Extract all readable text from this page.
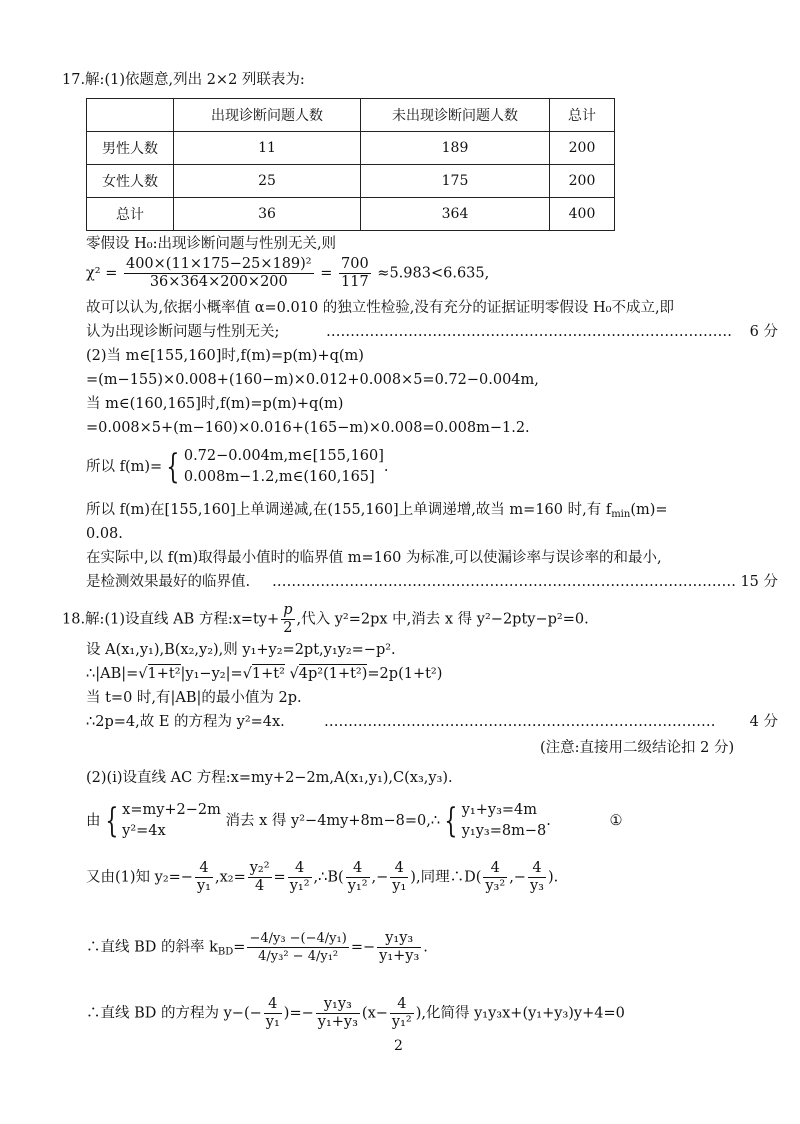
17.解:(1)依题意,列出 2×2 列联表为:
	出现诊断问题人数	未出现诊断问题人数	总计
男性人数	11	189	200
女性人数	25	175	200
总计	36	364	400
零假设 H₀:出现诊断问题与性别无关,则
$\chi^2 = \frac{\text{400×(11×175−25×189)²}}{36\times 364\times 200\times 200} = \frac{700}{117} \approx 5.983<6.635$,
故可以认为,依据小概率值 α=0.010 的独立性检验,没有充分的证据证明零假设 H₀不成立,即
认为出现诊断问题与性别无关;	………………………………………………………………………… 6 分
(2)当 m∈[155,160]时,f(m)=p(m)+q(m)
=(m−155)×0.008+(160−m)×0.012+0.008×5=0.72−0.004m,
当 m∈(160,165]时,f(m)=p(m)+q(m)
=0.008×5+(m−160)×0.016+(165−m)×0.008=0.008m−1.2.
所以 f(m)= { 0.72−0.004m,m∈[155,160]
0.008m−1.2,m∈(160,165]
.
所以 f(m)在[155,160]上单调递减,在(155,160]上单调递增,故当 m=160 时,有 $f_{min}(m)=$
0.08.
在实际中,以 f(m)取得最小值时的临界值 m=160 为标准,可以使漏诊率与误诊率的和最小,
是检测效果最好的临界值. …………………………………………………………………………………… 15 分
18.解:(1)设直线 AB 方程:x=ty+ $\frac{p}{2}$ ,代入 y²=2px 中,消去 x 得 y²−2pty−p²=0.
设 A(x₁,y₁),B(x₂,y₂),则 y₁+y₂=2pt,y₁y₂=−p².
∴|AB|=√1+t²|y₁−y₂|=√1+t² √4p²(1+t²)=2p(1+t²)
当 t=0 时,有|AB|的最小值为 2p.
∴2p=4,故 E 的方程为 y²=4x.	……………………………………………………………………… 4 分
(注意:直接用二级结论扣 2 分)
(2)(ⅰ)设直线 AC 方程:x=my+2−2m,A(x₁,y₁),C(x₃,y₃).
由 { x=my+2−2m
y²=4x
消去 x 得 y²−4my+8m−8=0,∴ { y₁+y₃=4m
y₁y₃=8m−8
.	①
又由(1)知 $y_2=- \frac{4}{\text{y₁}} ,x_2= \frac{\text{y₂²}}{4} = \frac{4}{\text{y₁²}}$ ,∴B( $\frac{4}{\text{y₁²}}$ ,− $\frac{4}{\text{y₁}}$ ),同理∴D( $\frac{4}{\text{y₃²}}$ ,− $\frac{4}{\text{y₃}}$ ).
∴直线 BD 的斜率 $k_{BD}= \frac{\text{−4/y₃ −(−4/y₁)}}{\text{4/y₃² − 4/y₁²}} =- \frac{\text{y₁y₃}}{\text{y₁+y₃}}$ .
∴直线 BD 的方程为 $y-(- \frac{4}{\text{y₁}}$ )=− $\frac{\text{y₁y₃}}{\text{y₁+y₃}} (x- \frac{4}{\text{y₁²}}$ ),化简得 y₁y₃x+(y₁+y₃)y+4=0
2
